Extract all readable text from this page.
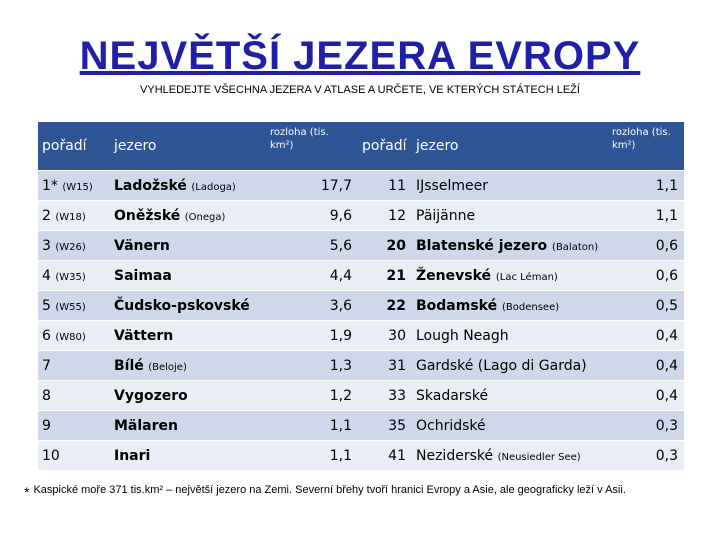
NEJVĚTŠÍ JEZERA EVROPY
VYHLEDEJTE VŠECHNA JEZERA V ATLASE A URČETE, VE KTERÝCH STÁTECH LEŽÍ
pořadí	jezero	rozloha (tis. km²)	pořadí	jezero	rozloha (tis. km²)
1* (W15)	Ladožské (Ladoga)	17,7	11	IJsselmeer	1,1
2 (W18)	Oněžské (Onega)	9,6	12	Päijänne	1,1
3 (W26)	Vänern	5,6	20	Blatenské jezero (Balaton)	0,6
4 (W35)	Saimaa	4,4	21	Ženevské (Lac Léman)	0,6
5 (W55)	Čudsko-pskovské	3,6	22	Bodamské (Bodensee)	0,5
6 (W80)	Vättern	1,9	30	Lough Neagh	0,4
7	Bílé (Beloje)	1,3	31	Gardské (Lago di Garda)	0,4
8	Vygozero	1,2	33	Skadarské	0,4
9	Mälaren	1,1	35	Ochridské	0,3
10	Inari	1,1	41	Neziderské (Neusiedler See)	0,3
* Kaspické moře 371 tis.km² – největší jezero na Zemi. Severní břehy tvoří hranici Evropy a Asie, ale geograficky leží v Asii.
